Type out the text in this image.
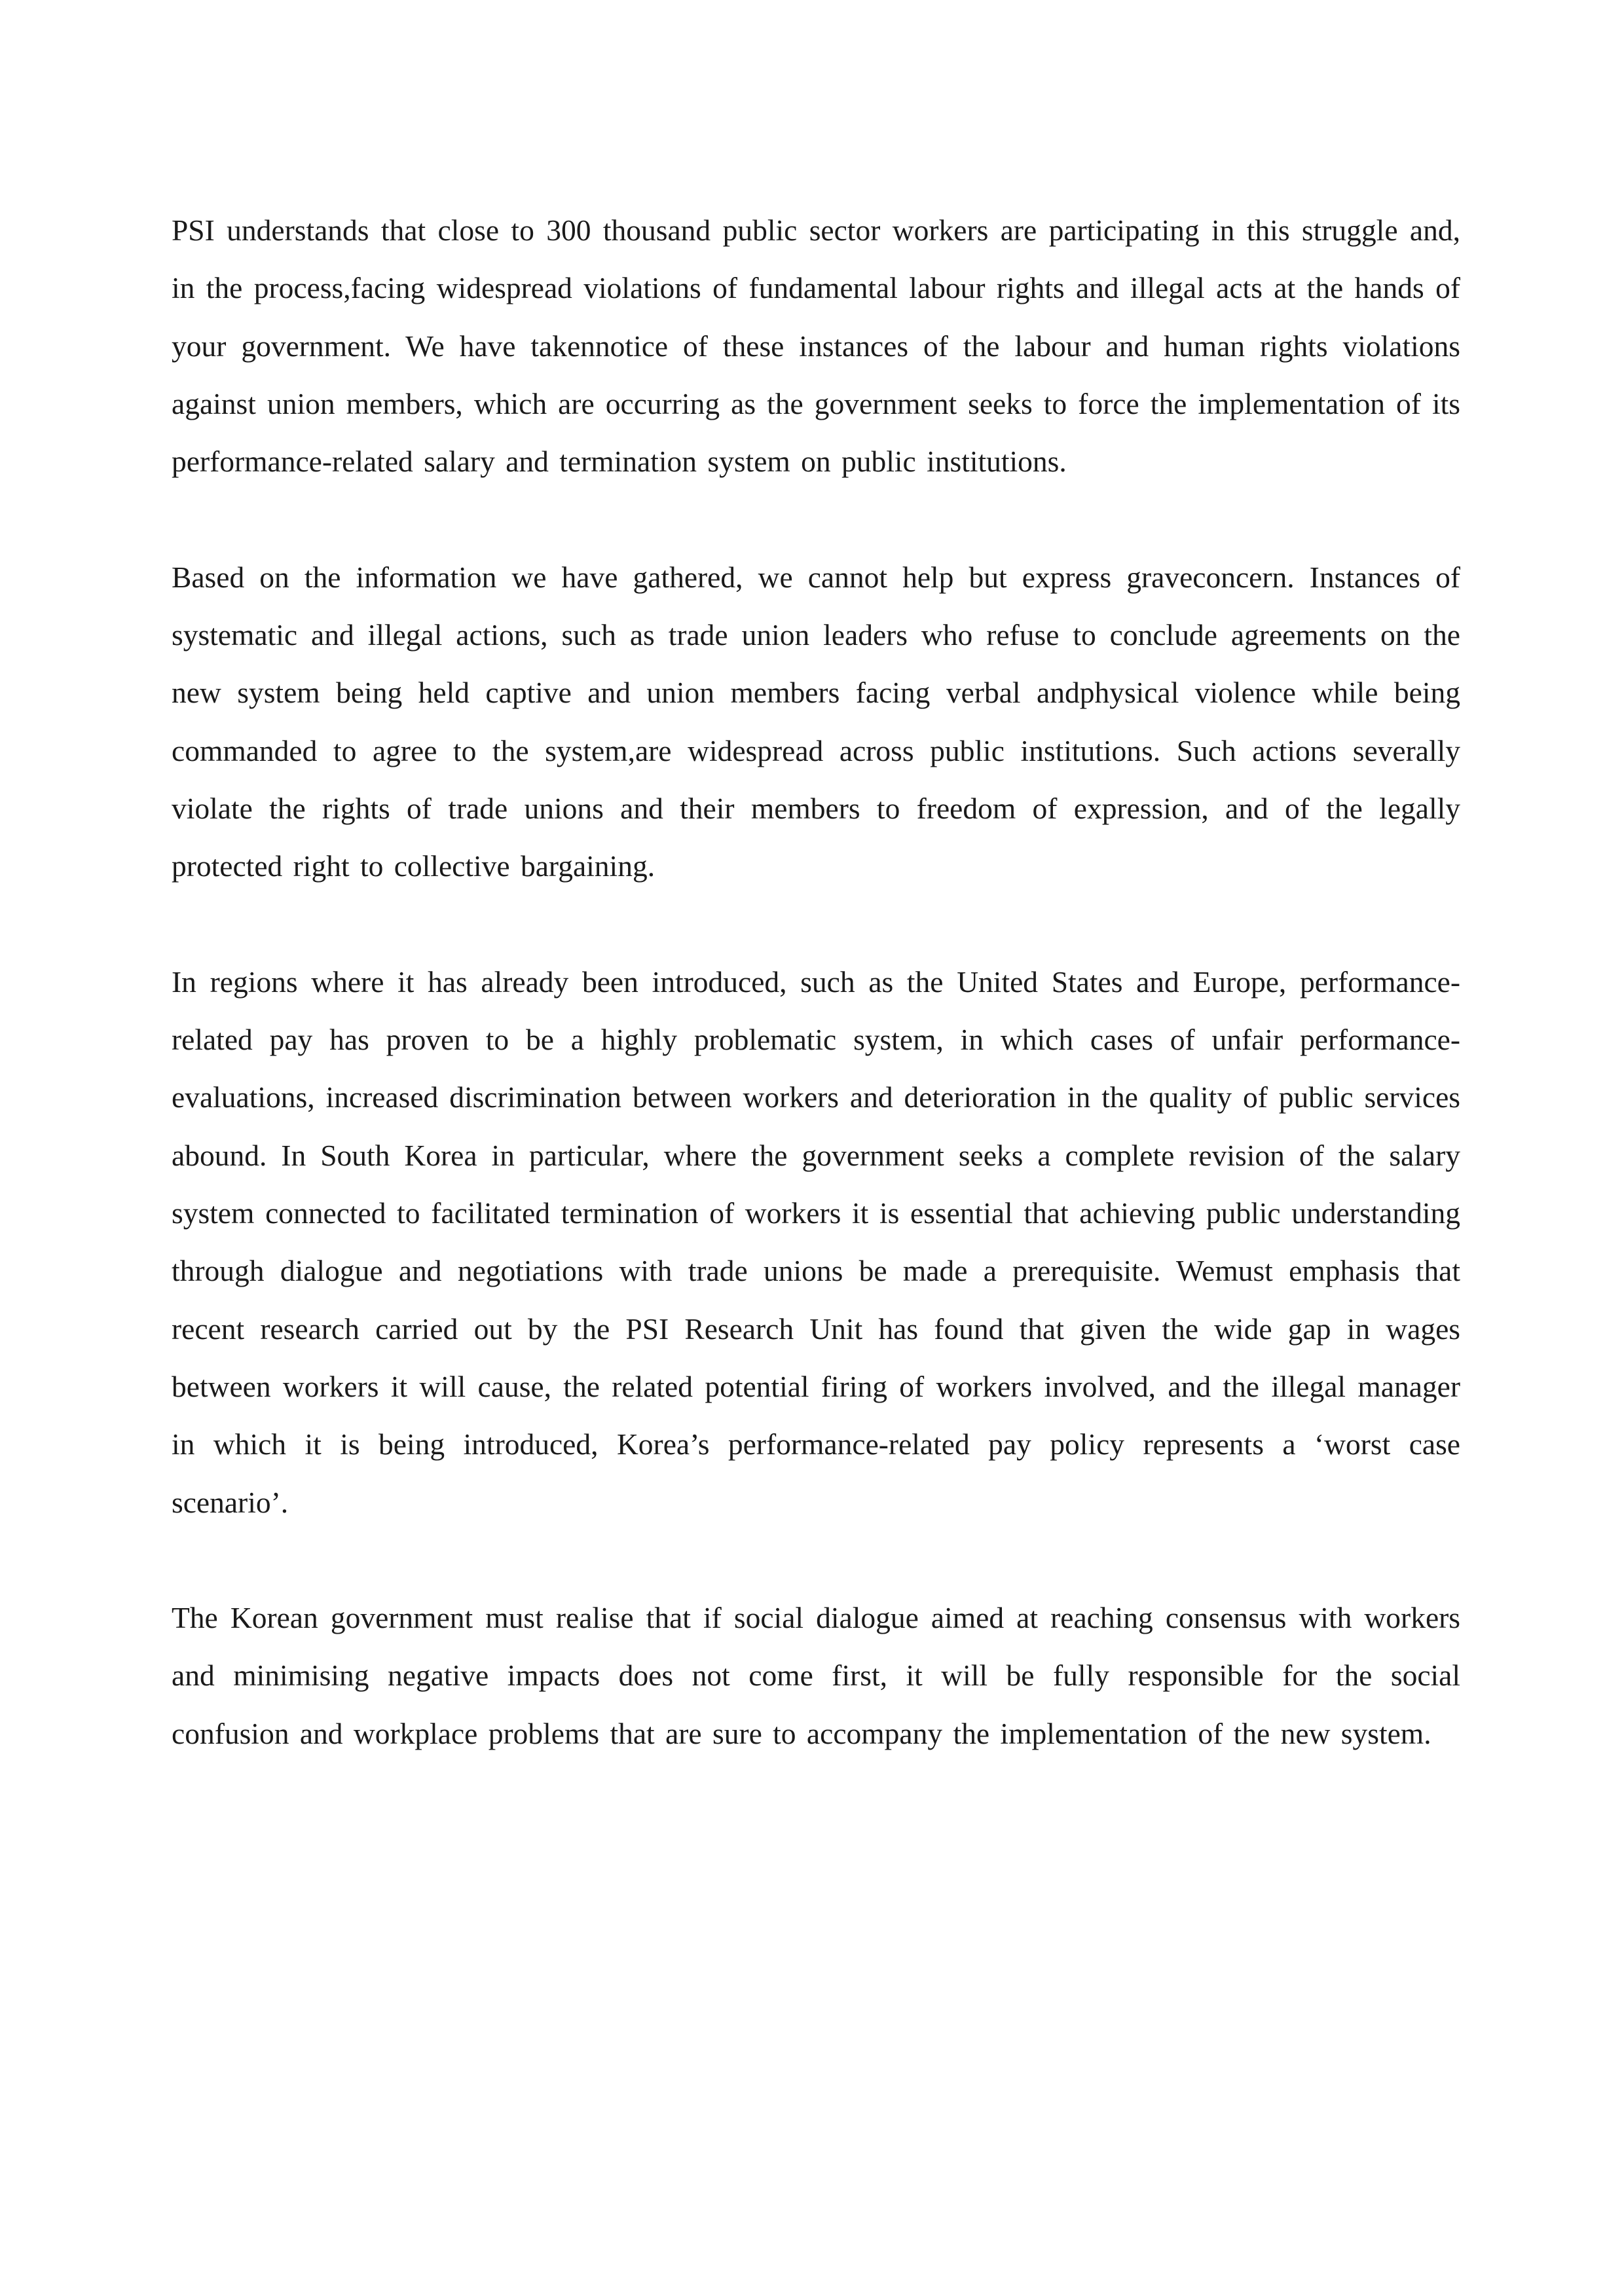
PSI understands that close to 300 thousand public sector workers are participating in this struggle and, in the process,facing widespread violations of fundamental labour rights and illegal acts at the hands of your government. We have takennotice of these instances of the labour and human rights violations against union members, which are occurring as the government seeks to force the implementation of its performance-related salary and termination system on public institutions.

Based on the information we have gathered, we cannot help but express graveconcern. Instances of systematic and illegal actions, such as trade union leaders who refuse to conclude agreements on the new system being held captive and union members facing verbal andphysical violence while being commanded to agree to the system,are widespread across public institutions. Such actions severally violate the rights of trade unions and their members to freedom of expression, and of the legally protected right to collective bargaining.

In regions where it has already been introduced, such as the United States and Europe, performance-related pay has proven to be a highly problematic system, in which cases of unfair performance-evaluations, increased discrimination between workers and deterioration in the quality of public services abound. In South Korea in particular, where the government seeks a complete revision of the salary system connected to facilitated termination of workers it is essential that achieving public understanding through dialogue and negotiations with trade unions be made a prerequisite. Wemust emphasis that recent research carried out by the PSI Research Unit has found that given the wide gap in wages between workers it will cause, the related potential firing of workers involved, and the illegal manager in which it is being introduced, Korea’s performance-related pay policy represents a ‘worst case scenario’.

The Korean government must realise that if social dialogue aimed at reaching consensus with workers and minimising negative impacts does not come first, it will be fully responsible for the social confusion and workplace problems that are sure to accompany the implementation of the new system.
